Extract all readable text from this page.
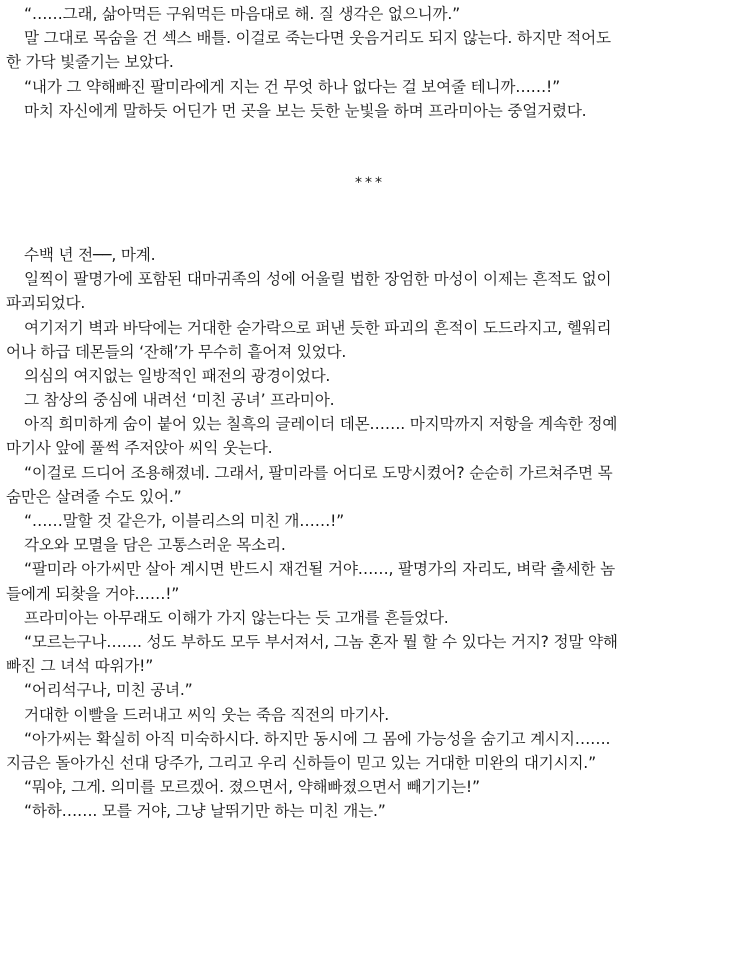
“……그래, 삶아먹든 구워먹든 마음대로 해. 질 생각은 없으니까.”
말 그대로 목숨을 건 섹스 배틀. 이걸로 죽는다면 웃음거리도 되지 않는다. 하지만 적어도
한 가닥 빛줄기는 보았다.
“내가 그 약해빠진 팔미라에게 지는 건 무엇 하나 없다는 걸 보여줄 테니까……!”
마치 자신에게 말하듯 어딘가 먼 곳을 보는 듯한 눈빛을 하며 프라미아는 중얼거렸다.
***
수백 년 전──, 마계.
일찍이 팔명가에 포함된 대마귀족의 성에 어울릴 법한 장엄한 마성이 이제는 흔적도 없이
파괴되었다.
여기저기 벽과 바닥에는 거대한 숟가락으로 퍼낸 듯한 파괴의 흔적이 도드라지고, 헬워리
어나 하급 데몬들의 ‘잔해’가 무수히 흩어져 있었다.
의심의 여지없는 일방적인 패전의 광경이었다.
그 참상의 중심에 내려선 ‘미친 공녀’ 프라미아.
아직 희미하게 숨이 붙어 있는 칠흑의 글레이더 데몬……. 마지막까지 저항을 계속한 정예
마기사 앞에 풀썩 주저앉아 씨익 웃는다.
“이걸로 드디어 조용해졌네. 그래서, 팔미라를 어디로 도망시켰어? 순순히 가르쳐주면 목
숨만은 살려줄 수도 있어.”
“……말할 것 같은가, 이블리스의 미친 개……!”
각오와 모멸을 담은 고통스러운 목소리.
“팔미라 아가씨만 살아 계시면 반드시 재건될 거야……, 팔명가의 자리도, 벼락 출세한 놈
들에게 되찾을 거야……!”
프라미아는 아무래도 이해가 가지 않는다는 듯 고개를 흔들었다.
“모르는구나……. 성도 부하도 모두 부서져서, 그놈 혼자 뭘 할 수 있다는 거지? 정말 약해
빠진 그 녀석 따위가!”
“어리석구나, 미친 공녀.”
거대한 이빨을 드러내고 씨익 웃는 죽음 직전의 마기사.
“아가씨는 확실히 아직 미숙하시다. 하지만 동시에 그 몸에 가능성을 숨기고 계시지…….
지금은 돌아가신 선대 당주가, 그리고 우리 신하들이 믿고 있는 거대한 미완의 대기시지.”
“뭐야, 그게. 의미를 모르겠어. 졌으면서, 약해빠졌으면서 빼기기는!”
“하하……. 모를 거야, 그냥 날뛰기만 하는 미친 개는.”
